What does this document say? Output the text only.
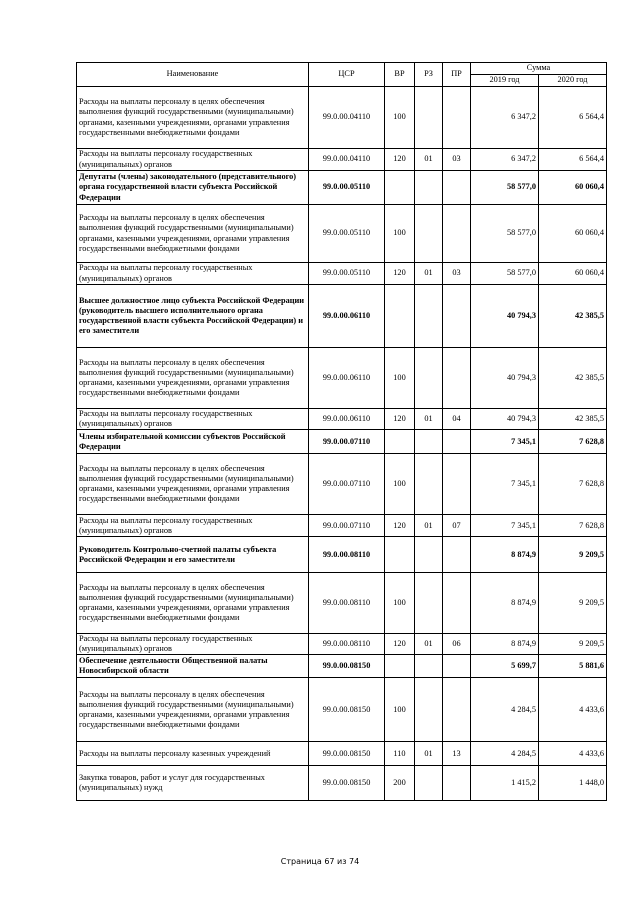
Наименование	ЦСР	ВР	РЗ	ПР	Сумма	
					2019 год	2020 год
Расходы на выплаты персоналу в целях обеспечения выполнения функций государственными (муниципальными) органами, казенными учреждениями, органами управления государственными внебюджетными фондами	99.0.00.04110	100			6 347,2	6 564,4
Расходы на выплаты персоналу государственных (муниципальных) органов	99.0.00.04110	120	01	03	6 347,2	6 564,4
Депутаты (члены) законодательного (представительного) органа государственной власти субъекта Российской Федерации	99.0.00.05110				58 577,0	60 060,4
Расходы на выплаты персоналу в целях обеспечения выполнения функций государственными (муниципальными) органами, казенными учреждениями, органами управления государственными внебюджетными фондами	99.0.00.05110	100			58 577,0	60 060,4
Расходы на выплаты персоналу государственных (муниципальных) органов	99.0.00.05110	120	01	03	58 577,0	60 060,4
Высшее должностное лицо субъекта Российской Федерации (руководитель высшего исполнительного органа государственной власти субъекта Российской Федерации) и его заместители	99.0.00.06110				40 794,3	42 385,5
Расходы на выплаты персоналу в целях обеспечения выполнения функций государственными (муниципальными) органами, казенными учреждениями, органами управления государственными внебюджетными фондами	99.0.00.06110	100			40 794,3	42 385,5
Расходы на выплаты персоналу государственных (муниципальных) органов	99.0.00.06110	120	01	04	40 794,3	42 385,5
Члены избирательной комиссии субъектов Российской Федерации	99.0.00.07110				7 345,1	7 628,8
Расходы на выплаты персоналу в целях обеспечения выполнения функций государственными (муниципальными) органами, казенными учреждениями, органами управления государственными внебюджетными фондами	99.0.00.07110	100			7 345,1	7 628,8
Расходы на выплаты персоналу государственных (муниципальных) органов	99.0.00.07110	120	01	07	7 345,1	7 628,8
Руководитель Контрольно-счетной палаты субъекта Российской Федерации и его заместители	99.0.00.08110				8 874,9	9 209,5
Расходы на выплаты персоналу в целях обеспечения выполнения функций государственными (муниципальными) органами, казенными учреждениями, органами управления государственными внебюджетными фондами	99.0.00.08110	100			8 874,9	9 209,5
Расходы на выплаты персоналу государственных (муниципальных) органов	99.0.00.08110	120	01	06	8 874,9	9 209,5
Обеспечение деятельности Общественной палаты Новосибирской области	99.0.00.08150				5 699,7	5 881,6
Расходы на выплаты персоналу в целях обеспечения выполнения функций государственными (муниципальными) органами, казенными учреждениями, органами управления государственными внебюджетными фондами	99.0.00.08150	100			4 284,5	4 433,6
Расходы на выплаты персоналу казенных учреждений	99.0.00.08150	110	01	13	4 284,5	4 433,6
Закупка товаров, работ и услуг для государственных (муниципальных) нужд	99.0.00.08150	200			1 415,2	1 448,0
Страница 67 из 74
